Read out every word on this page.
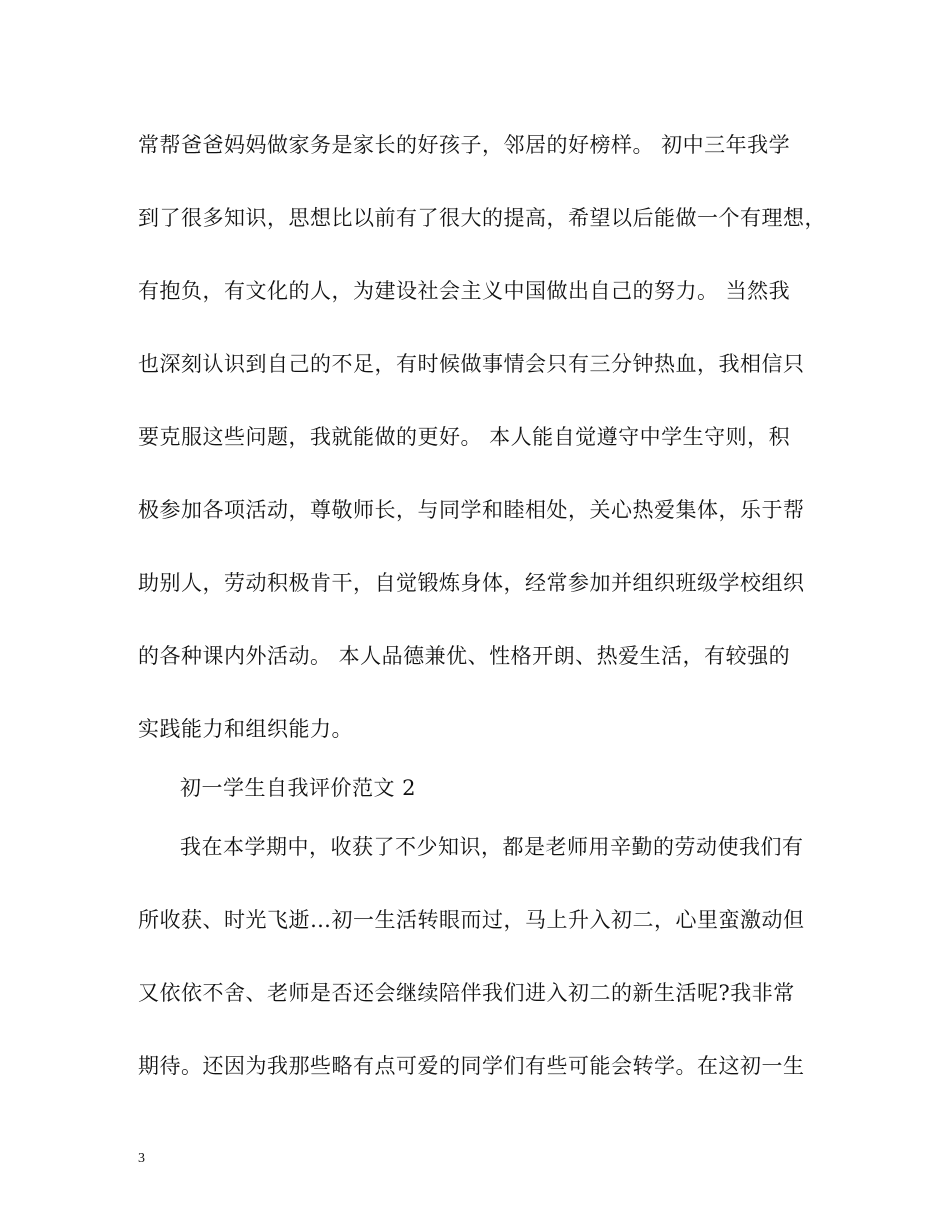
常帮爸爸妈妈做家务是家长的好孩子，邻居的好榜样。 初中三年我学
到了很多知识，思想比以前有了很大的提高，希望以后能做一个有理想，
有抱负，有文化的人，为建设社会主义中国做出自己的努力。 当然我
也深刻认识到自己的不足，有时候做事情会只有三分钟热血，我相信只
要克服这些问题，我就能做的更好。 本人能自觉遵守中学生守则，积
极参加各项活动，尊敬师长，与同学和睦相处，关心热爱集体，乐于帮
助别人，劳动积极肯干，自觉锻炼身体，经常参加并组织班级学校组织
的各种课内外活动。 本人品德兼优、性格开朗、热爱生活，有较强的
实践能力和组织能力。
初一学生自我评价范文 2
我在本学期中，收获了不少知识，都是老师用辛勤的劳动使我们有
所收获、时光飞逝…初一生活转眼而过，马上升入初二，心里蛮激动但
又依依不舍、老师是否还会继续陪伴我们进入初二的新生活呢?我非常
期待。还因为我那些略有点可爱的同学们有些可能会转学。在这初一生
3
